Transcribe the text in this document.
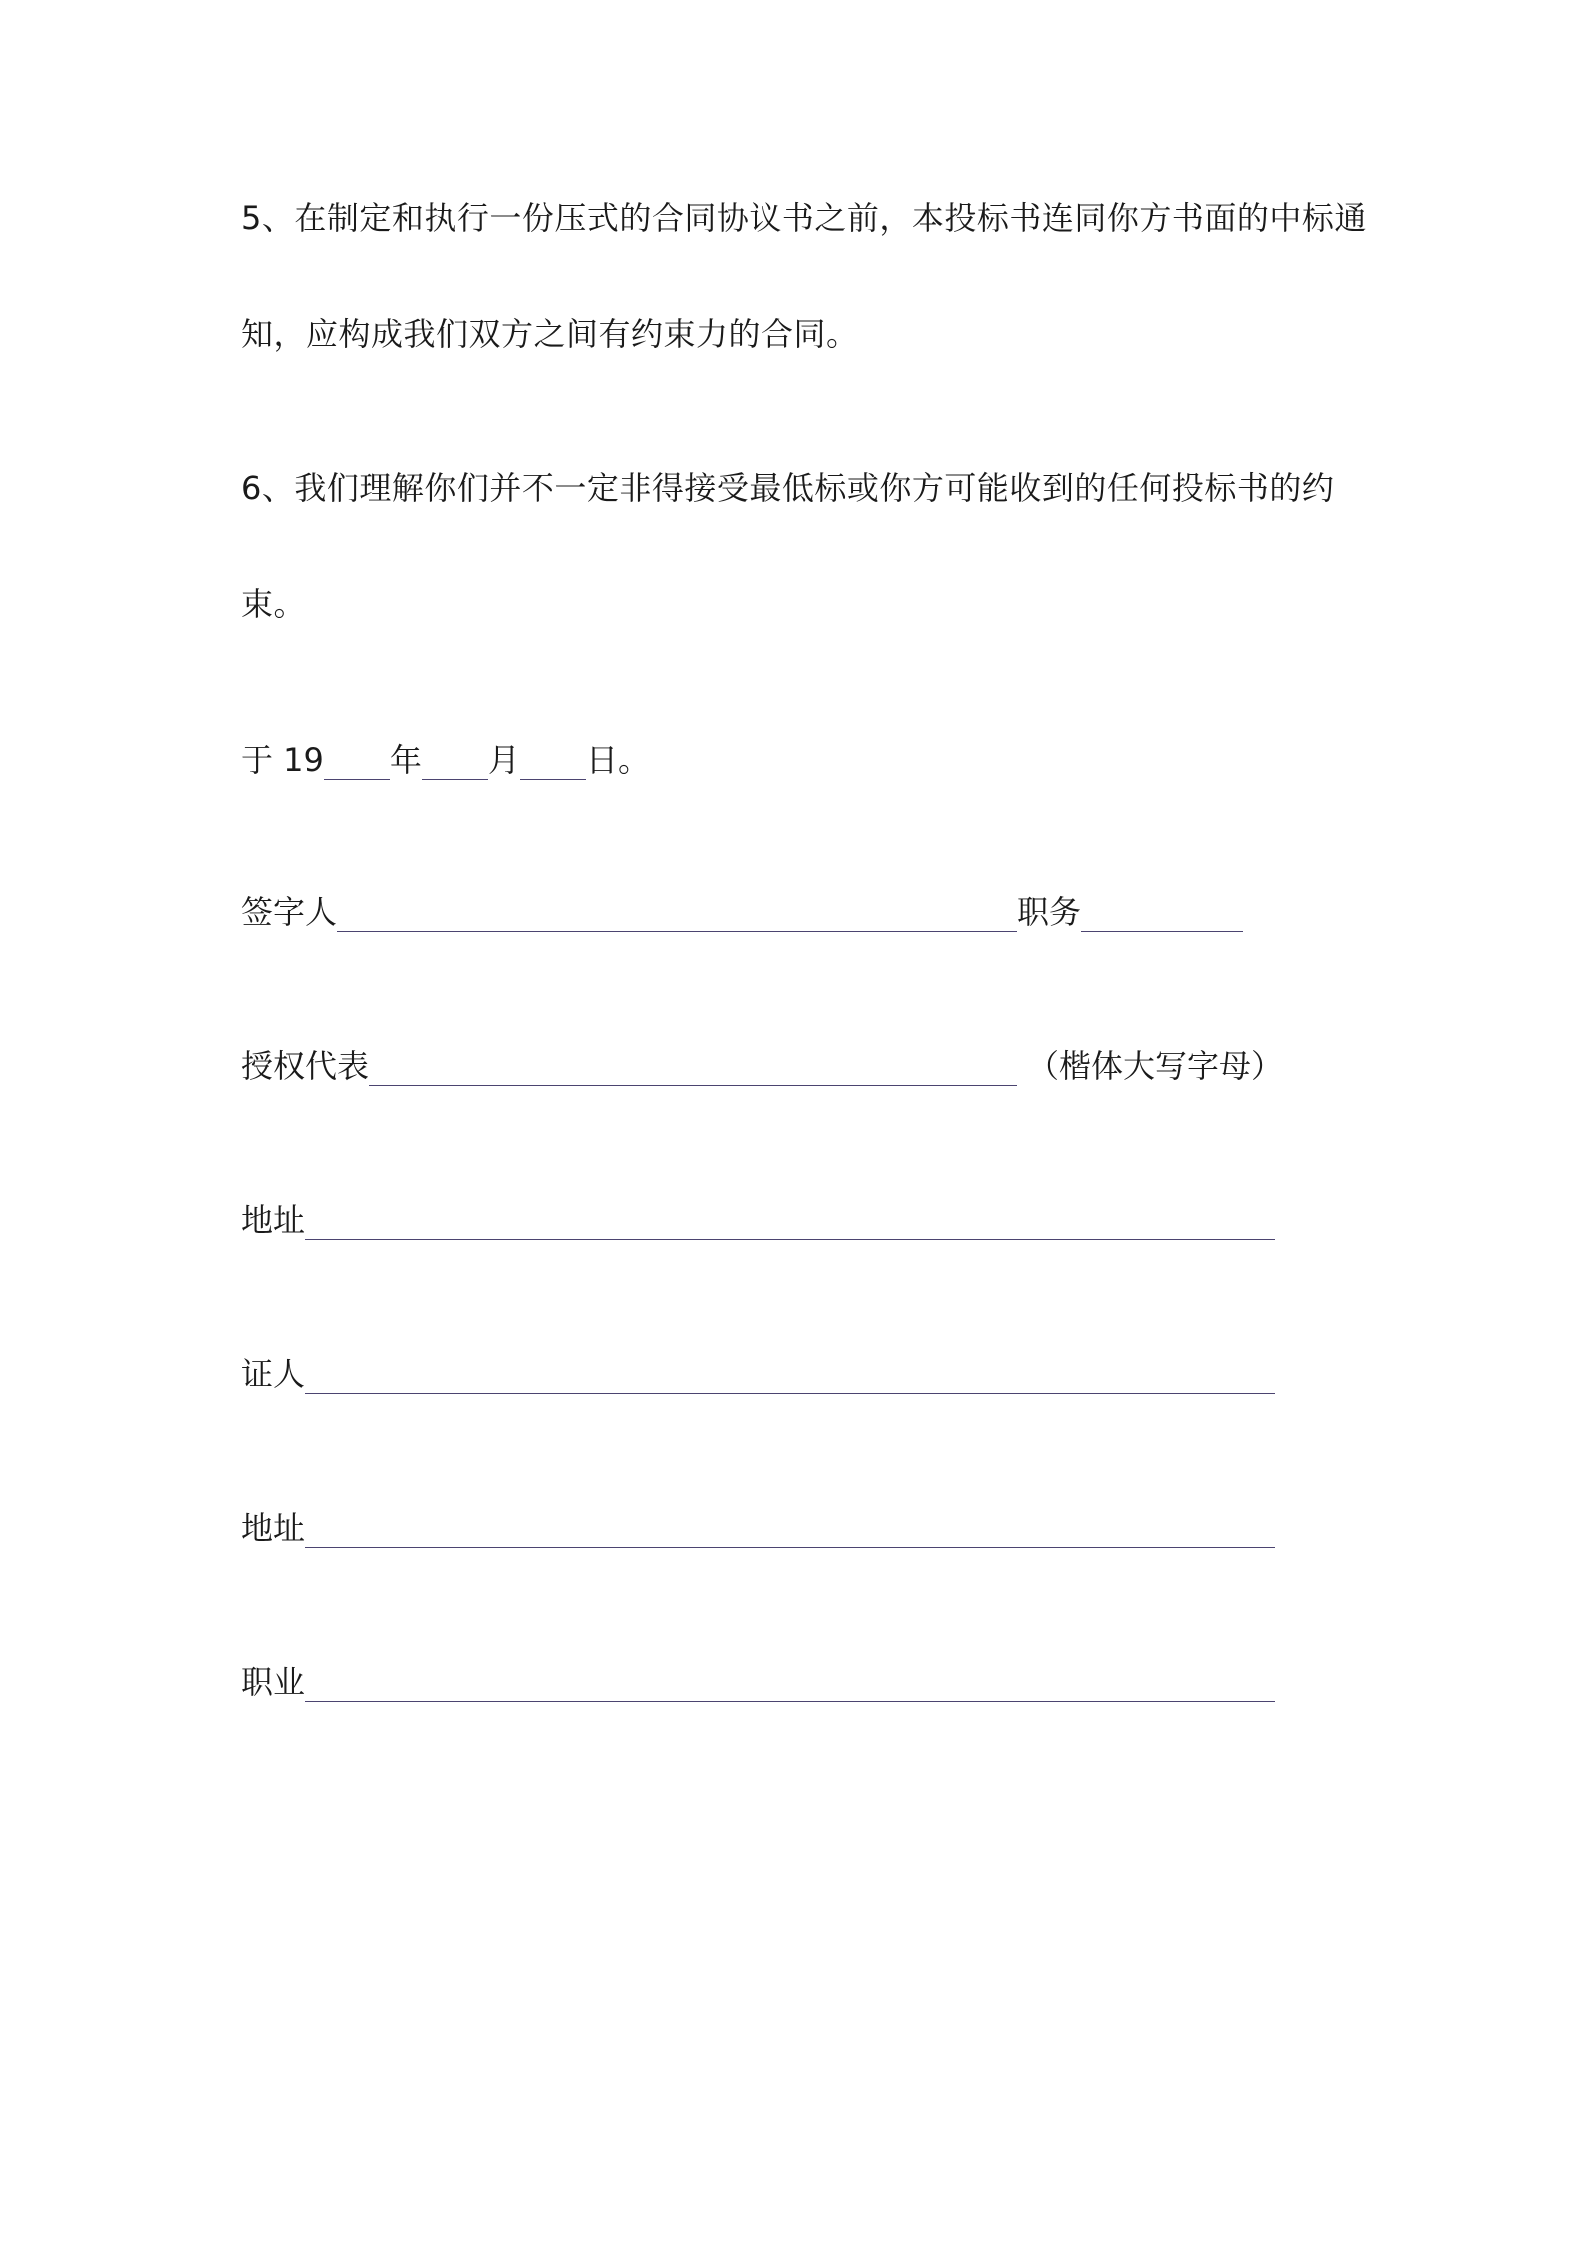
5、在制定和执行一份压式的合同协议书之前，本投标书连同你方书面的中标通
知，应构成我们双方之间有约束力的合同。
6、我们理解你们并不一定非得接受最低标或你方可能收到的任何投标书的约
束。
于 19 年 月 日。
签字人	职务
授权代表	（楷体大写字母）
地址
证人
地址
职业
